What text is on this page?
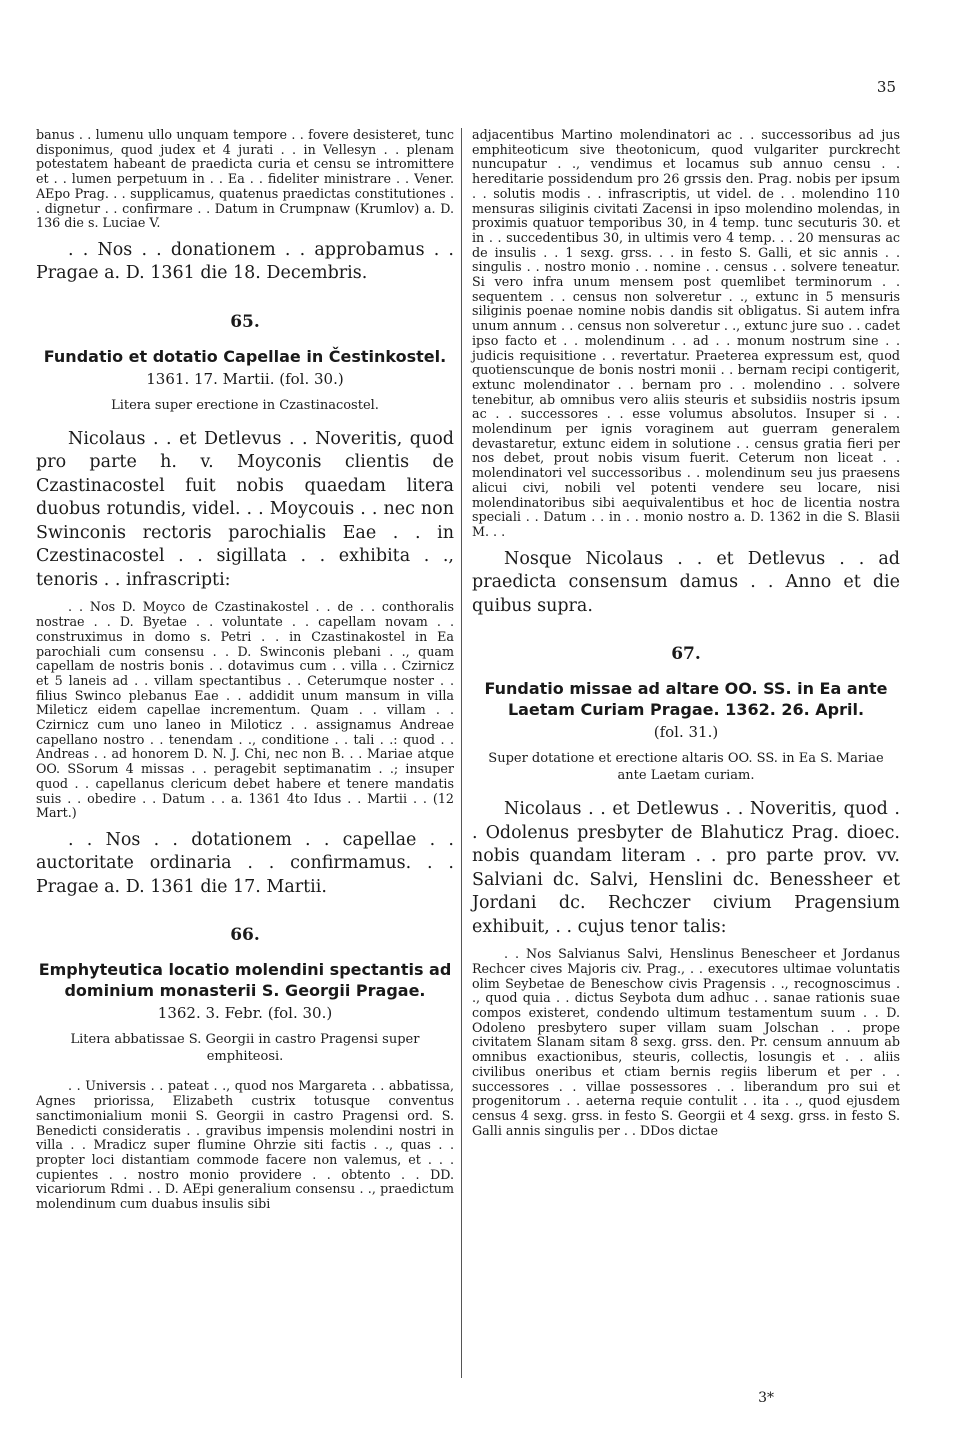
35

banus . . lumenu ullo unquam tempore . . fovere desisteret, tunc disponimus, quod judex et 4 jurati . . in Vellesyn . . plenam potestatem habeant de praedicta curia et censu se intromittere et . . lumen perpetuum in . . Ea . . fideliter ministrare . . Vener. AEpo Prag. . . supplicamus, quatenus praedictas constitutiones . . dignetur . . confirmare . . Datum in Crumpnaw (Krumlov) a. D. 136 die s. Luciae V.

. . Nos . . donationem . . approbamus . . Pragae a. D. 1361 die 18. Decembris.

65.

Fundatio et dotatio Capellae in Čestinkostel.

1361. 17. Martii. (fol. 30.)

Litera super erectione in Czastinacostel.

Nicolaus . . et Detlevus . . Noveritis, quod pro parte h. v. Moyconis clientis de Czastinacostel fuit nobis quaedam litera duobus rotundis, videl. . . Moycouis . . nec non Swinconis rectoris parochialis Eae . . in Czestinacostel . . sigillata . . exhibita . ., tenoris . . infrascripti:

. . Nos D. Moyco de Czastinakostel . . de . . conthoralis nostrae . . D. Byetae . . voluntate . . capellam novam . . construximus in domo s. Petri . . in Czastinakostel in Ea parochiali cum consensu . . D. Swinconis plebani . ., quam capellam de nostris bonis . . dotavimus cum . . villa . . Czirnicz et 5 laneis ad . . villam spectantibus . . Ceterumque noster . . filius Swinco plebanus Eae . . addidit unum mansum in villa Mileticz eidem capellae incrementum. Quam . . villam . . Czirnicz cum uno laneo in Miloticz . . assignamus Andreae capellano nostro . . tenendam . ., conditione . . tali . .: quod . . Andreas . . ad honorem D. N. J. Chi, nec non B. . . Mariae atque OO. SSorum 4 missas . . peragebit septimanatim . .; insuper quod . . capellanus clericum debet habere et tenere mandatis suis . . obedire . . Datum . . a. 1361 4to Idus . . Martii . . (12 Mart.)

. . Nos . . dotationem . . capellae . . auctoritate ordinaria . . confirmamus. . . Pragae a. D. 1361 die 17. Martii.

66.

Emphyteutica locatio molendini spectantis ad dominium monasterii S. Georgii Pragae.

1362. 3. Febr. (fol. 30.)

Litera abbatissae S. Georgii in castro Pragensi super emphiteosi.

. . Universis . . pateat . ., quod nos Margareta . . abbatissa, Agnes priorissa, Elizabeth custrix totusque conventus sanctimonialium monii S. Georgii in castro Pragensi ord. S. Benedicti consideratis . . gravibus impensis molendini nostri in villa . . Mradicz super flumine Ohrzie siti factis . ., quas . . propter loci distantiam commode facere non valemus, et . . . cupientes . . nostro monio providere . . obtento . . DD. vicariorum Rdmi . . D. AEpi generalium consensu . ., praedictum molendinum cum duabus insulis sibi

adjacentibus Martino molendinatori ac . . successoribus ad jus emphiteoticum sive theotonicum, quod vulgariter purckrecht nuncupatur . ., vendimus et locamus sub annuo censu . . hereditarie possidendum pro 26 grssis den. Prag. nobis per ipsum . . solutis modis . . infrascriptis, ut videl. de . . molendino 110 mensuras siliginis civitati Zacensi in ipso molendino molendas, in proximis quatuor temporibus 30, in 4 temp. tunc secuturis 30. et in . . succedentibus 30, in ultimis vero 4 temp. . . 20 mensuras ac de insulis . . 1 sexg. grss. . . in festo S. Galli, et sic annis . . singulis . . nostro monio . . nomine . . census . . solvere teneatur. Si vero infra unum mensem post quemlibet terminorum . . sequentem . . census non solveretur . ., extunc in 5 mensuris siliginis poenae nomine nobis dandis sit obligatus. Si autem infra unum annum . . census non solveretur . ., extunc jure suo . . cadet ipso facto et . . molendinum . . ad . . monum nostrum sine . . judicis requisitione . . revertatur. Praeterea expressum est, quod quotienscunque de bonis nostri monii . . bernam recipi contigerit, extunc molendinator . . bernam pro . . molendino . . solvere tenebitur, ab omnibus vero aliis steuris et subsidiis nostris ipsum ac . . successores . . esse volumus absolutos. Insuper si . . molendinum per ignis voraginem aut guerram generalem devastaretur, extunc eidem in solutione . . census gratia fieri per nos debet, prout nobis visum fuerit. Ceterum non liceat . . molendinatori vel successoribus . . molendinum seu jus praesens alicui civi, nobili vel potenti vendere seu locare, nisi molendinatoribus sibi aequivalentibus et hoc de licentia nostra speciali . . Datum . . in . . monio nostro a. D. 1362 in die S. Blasii M. . .

Nosque Nicolaus . . et Detlevus . . ad praedicta consensum damus . . Anno et die quibus supra.

67.

Fundatio missae ad altare OO. SS. in Ea ante Laetam Curiam Pragae. 1362. 26. April.

(fol. 31.)

Super dotatione et erectione altaris OO. SS. in Ea S. Mariae ante Laetam curiam.

Nicolaus . . et Detlewus . . Noveritis, quod . . Odolenus presbyter de Blahuticz Prag. dioec. nobis quandam literam . . pro parte prov. vv. Salviani dc. Salvi, Henslini dc. Benessheer et Jordani dc. Rechczer civium Pragensium exhibuit, . . cujus tenor talis:

. . Nos Salvianus Salvi, Henslinus Benescheer et Jordanus Rechcer cives Majoris civ. Prag., . . executores ultimae voluntatis olim Seybetae de Beneschow civis Pragensis . ., recognoscimus . ., quod quia . . dictus Seybota dum adhuc . . sanae rationis suae compos existeret, condendo ultimum testamentum suum . . D. Odoleno presbytero super villam suam Jolschan . . prope civitatem Slanam sitam 8 sexg. grss. den. Pr. censum annuum ab omnibus exactionibus, steuris, collectis, losungis et . . aliis civilibus oneribus et ctiam bernis regiis liberum et per . . successores . . villae possessores . . liberandum pro sui et progenitorum . . aeterna requie contulit . . ita . ., quod ejusdem census 4 sexg. grss. in festo S. Georgii et 4 sexg. grss. in festo S. Galli annis singulis per . . DDos dictae

3*
